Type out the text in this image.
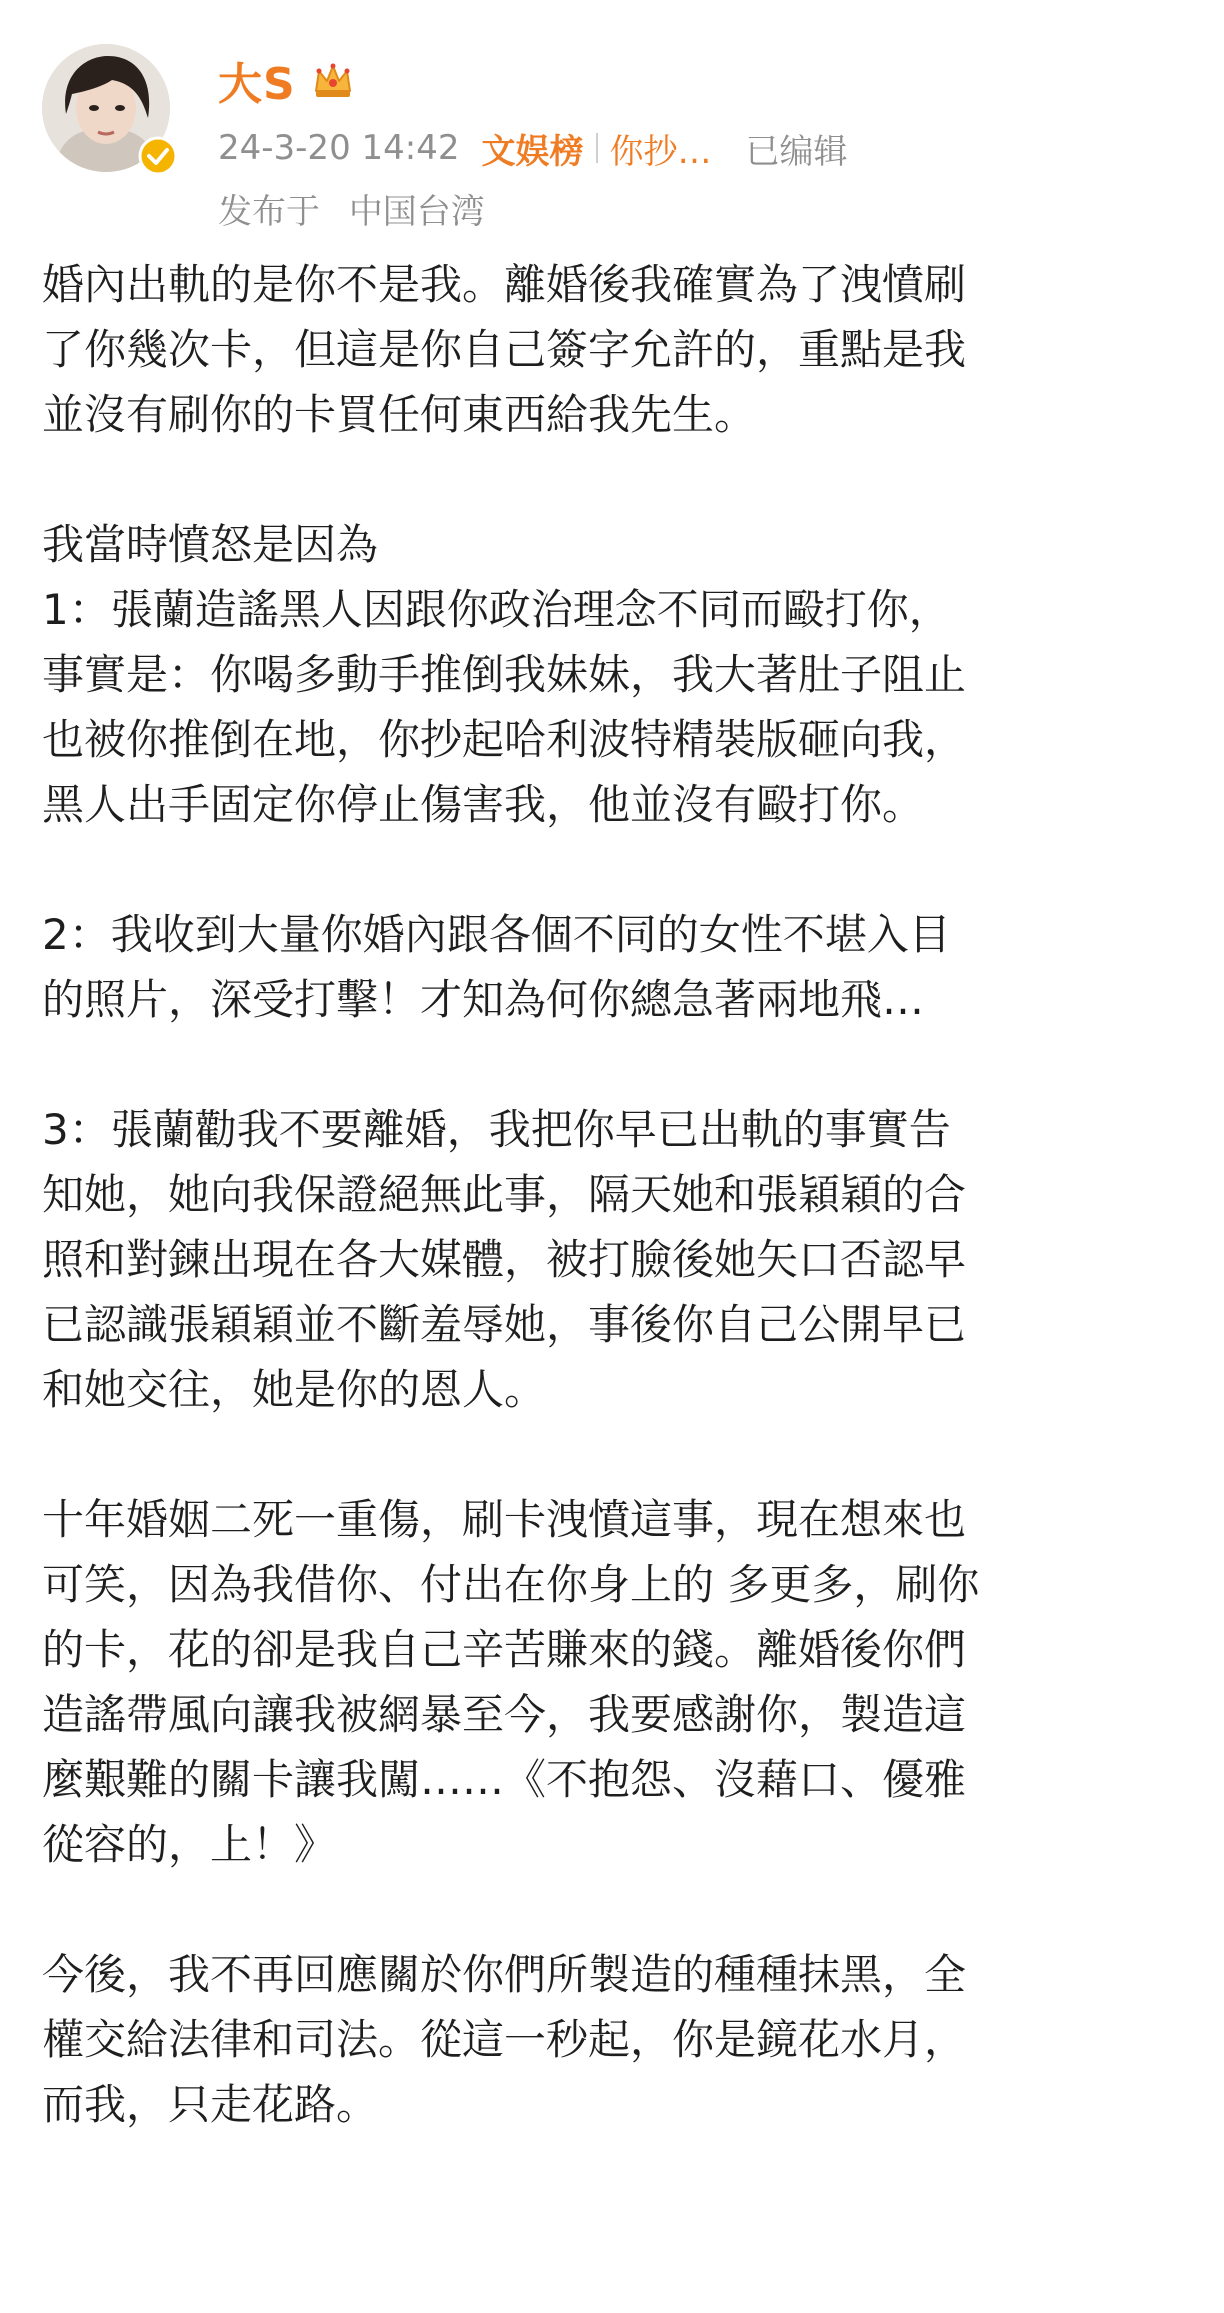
大S
24-3-20 14:42 文娱榜 你抄… 已编辑
发布于 中国台湾
婚內出軌的是你不是我。離婚後我確實為了洩憤刷
了你幾次卡，但這是你自己簽字允許的，重點是我
並沒有刷你的卡買任何東西給我先生。
我當時憤怒是因為
1：張蘭造謠黑人因跟你政治理念不同而毆打你，
事實是：你喝多動手推倒我妹妹，我大著肚子阻止
也被你推倒在地，你抄起哈利波特精裝版砸向我，
黑人出手固定你停止傷害我，他並沒有毆打你。
2：我收到大量你婚內跟各個不同的女性不堪入目
的照片，深受打擊！才知為何你總急著兩地飛…
3：張蘭勸我不要離婚，我把你早已出軌的事實告
知她，她向我保證絕無此事，隔天她和張穎穎的合
照和對鍊出現在各大媒體，被打臉後她矢口否認早
已認識張穎穎並不斷羞辱她，事後你自己公開早已
和她交往，她是你的恩人。
十年婚姻二死一重傷，刷卡洩憤這事，現在想來也
可笑，因為我借你、付出在你身上的 多更多，刷你
的卡，花的卻是我自己辛苦賺來的錢。離婚後你們
造謠帶風向讓我被網暴至今，我要感謝你，製造這
麼艱難的關卡讓我闖……《不抱怨、沒藉口、優雅
從容的，上！》
今後，我不再回應關於你們所製造的種種抹黑，全
權交給法律和司法。從這一秒起，你是鏡花水月，
而我，只走花路。
